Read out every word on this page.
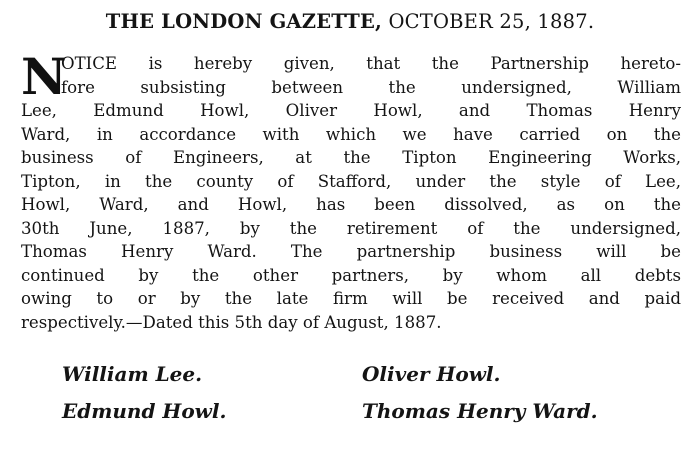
THE LONDON GAZETTE, OCTOBER 25, 1887.
N
OTICE is hereby given, that the Partnership hereto-
fore subsisting between the undersigned, William
Lee, Edmund Howl, Oliver Howl, and Thomas Henry
Ward, in accordance with which we have carried on the
business of Engineers, at the Tipton Engineering Works,
Tipton, in the county of Stafford, under the style of Lee,
Howl, Ward, and Howl, has been dissolved, as on the
30th June, 1887, by the retirement of the undersigned,
Thomas Henry Ward. The partnership business will be
continued by the other partners, by whom all debts
owing to or by the late firm will be received and paid
respectively.—Dated this 5th day of August, 1887.
William Lee.	Oliver Howl.
Edmund Howl.	Thomas Henry Ward.
